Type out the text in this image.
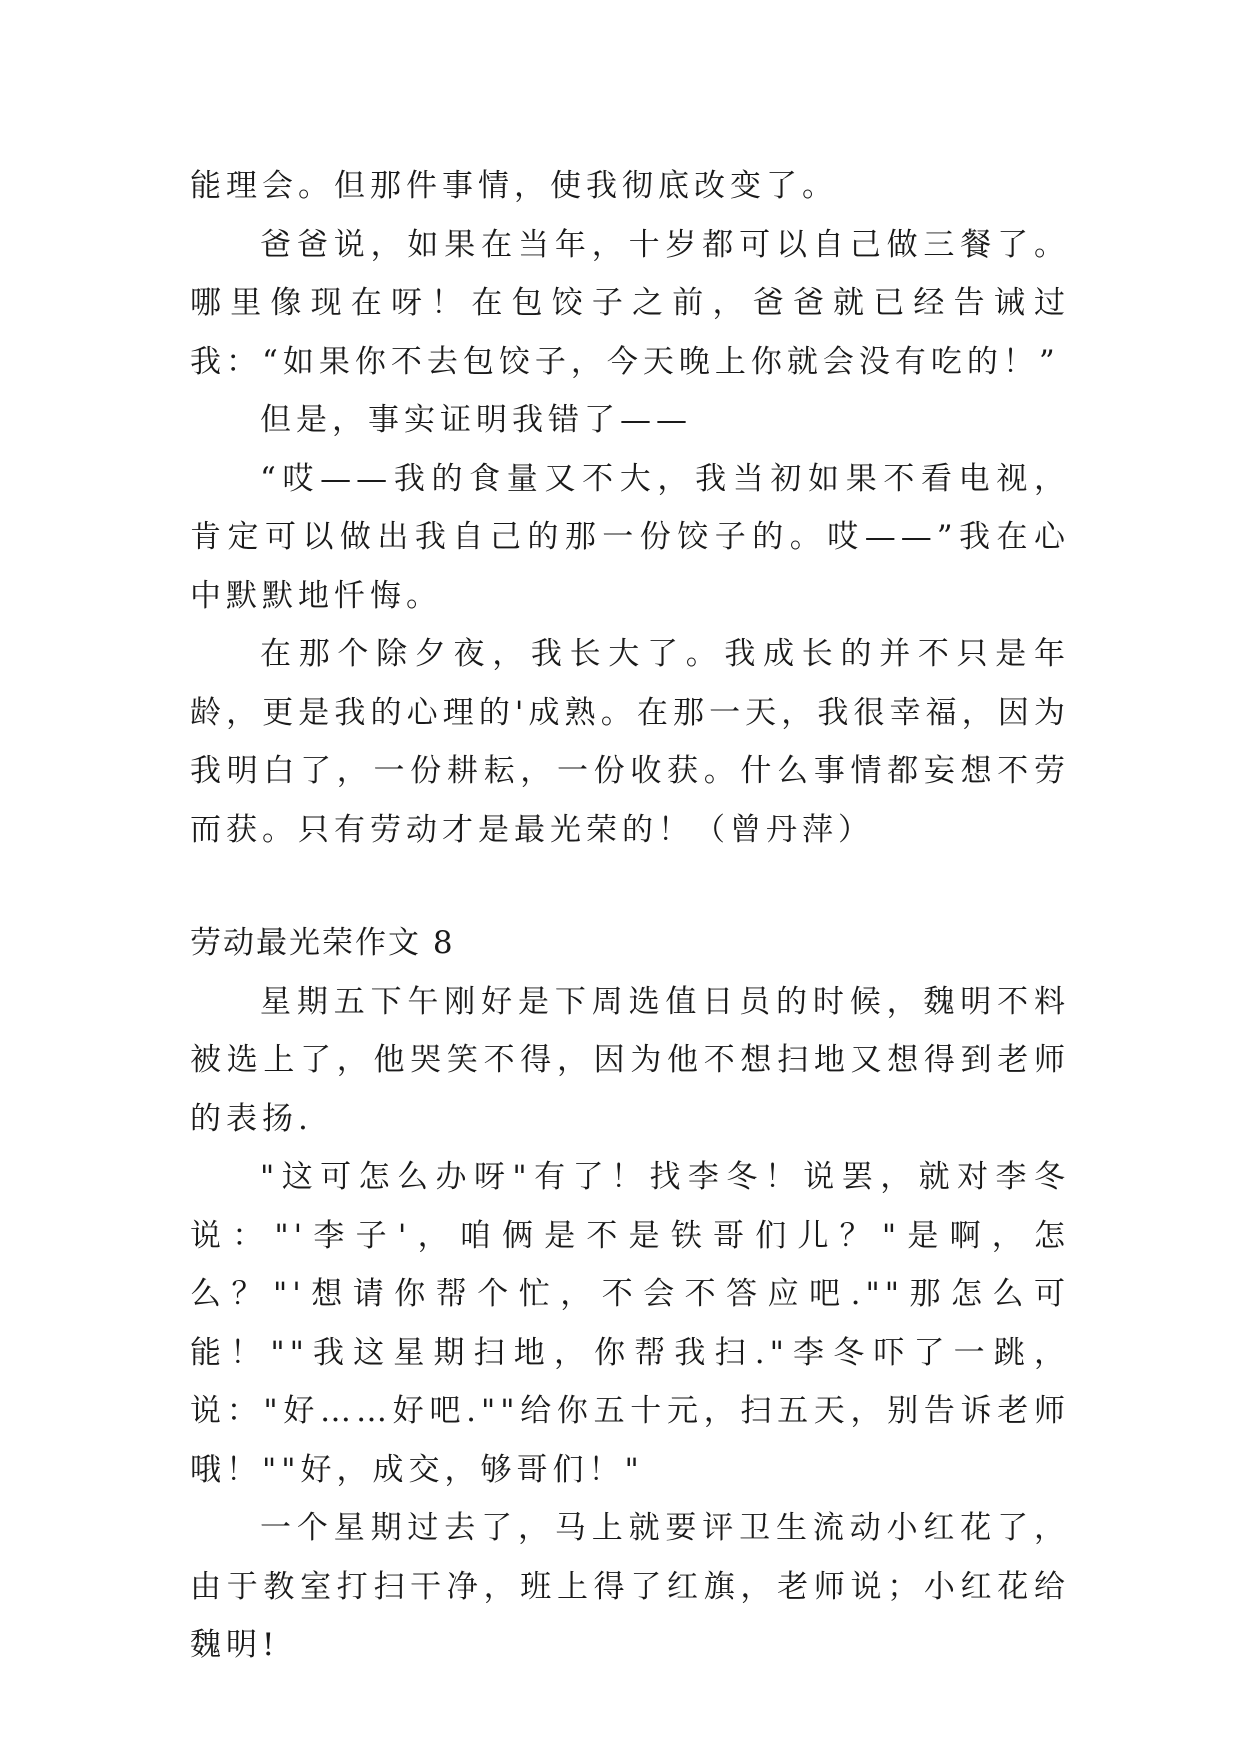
能理会。但那件事情，使我彻底改变了。

爸爸说，如果在当年，十岁都可以自己做三餐了。哪里像现在呀！在包饺子之前，爸爸就已经告诫过我：“如果你不去包饺子，今天晚上你就会没有吃的！”

但是，事实证明我错了——

“哎——我的食量又不大，我当初如果不看电视，肯定可以做出我自己的那一份饺子的。哎——”我在心中默默地忏悔。

在那个除夕夜，我长大了。我成长的并不只是年龄，更是我的心理的'成熟。在那一天，我很幸福，因为我明白了，一份耕耘，一份收获。什么事情都妄想不劳而获。只有劳动才是最光荣的！（曾丹萍）

劳动最光荣作文 8

星期五下午刚好是下周选值日员的时候，魏明不料被选上了，他哭笑不得，因为他不想扫地又想得到老师的表扬.

"这可怎么办呀"有了！找李冬！说罢，就对李冬说："'李子'，咱俩是不是铁哥们儿？"是啊，怎么？"'想请你帮个忙，不会不答应吧.""那怎么可能！""我这星期扫地，你帮我扫."李冬吓了一跳，说："好……好吧.""给你五十元，扫五天，别告诉老师哦！""好，成交，够哥们！"

一个星期过去了，马上就要评卫生流动小红花了，由于教室打扫干净，班上得了红旗，老师说；小红花给魏明!
